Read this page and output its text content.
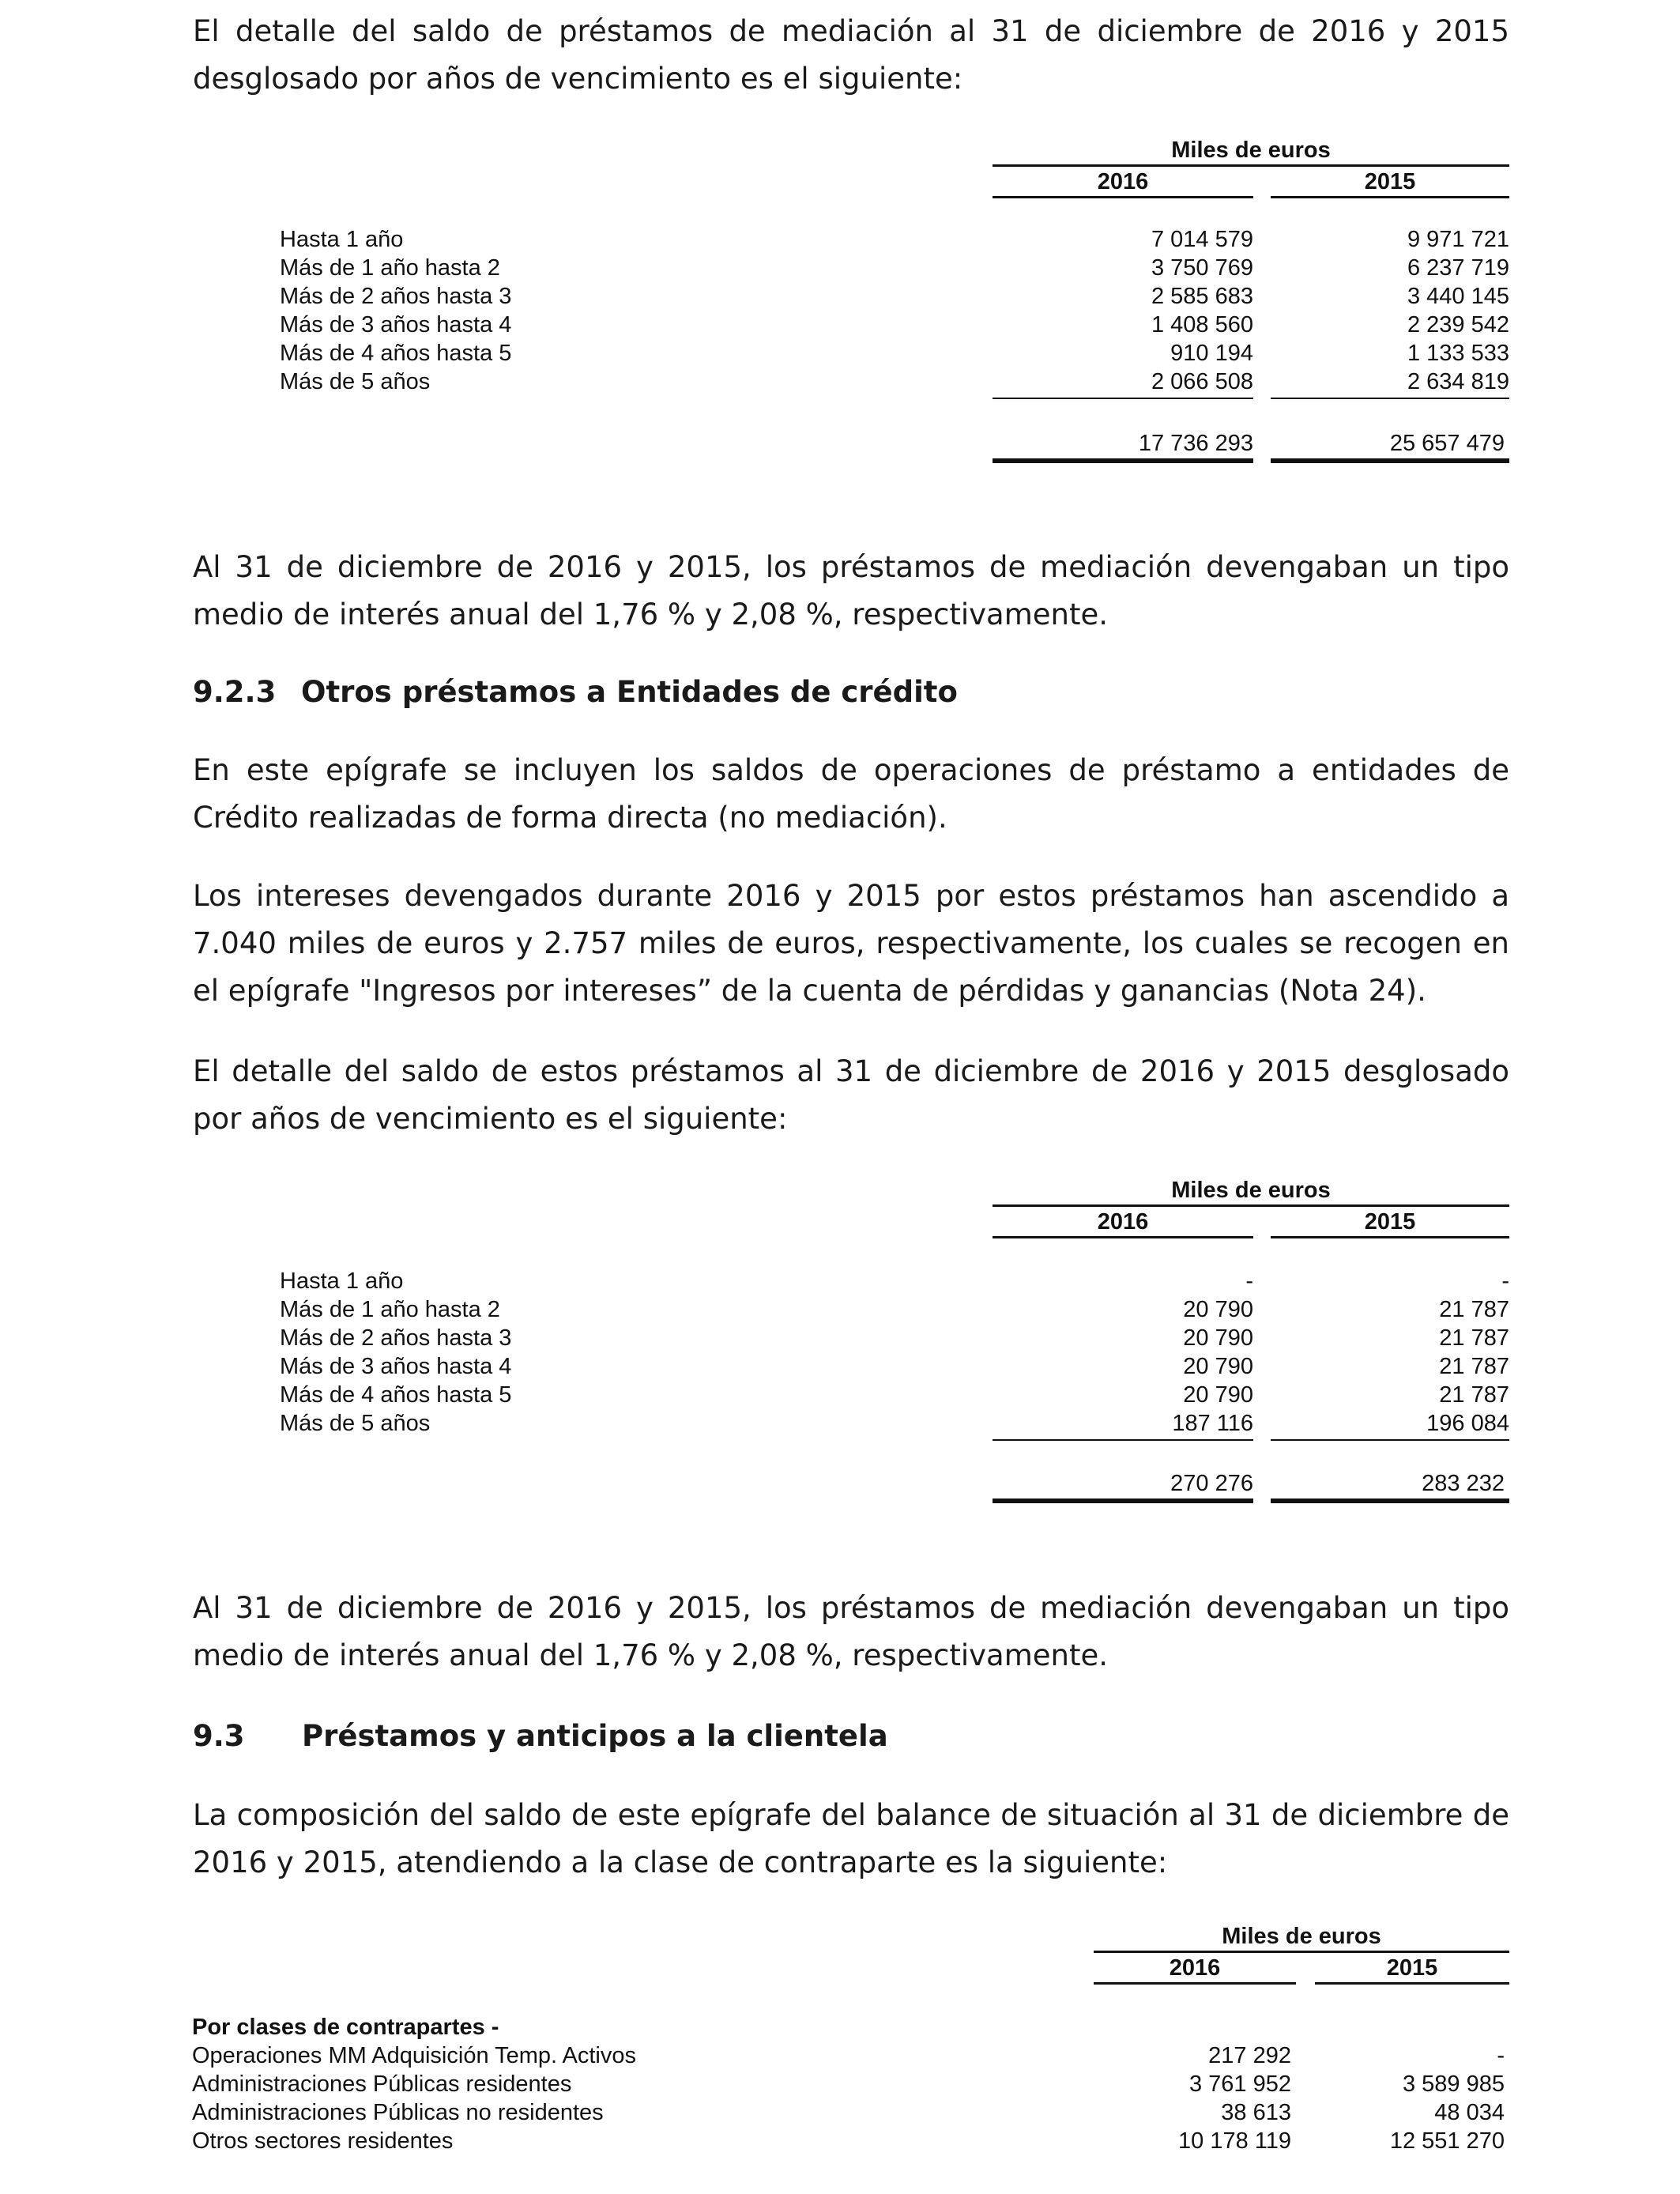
El detalle del saldo de préstamos de mediación al 31 de diciembre de 2016 y 2015 desglosado por años de vencimiento es el siguiente:

Miles de euros
2016	2015
Hasta 1 año	7 014 579	9 971 721
Más de 1 año hasta 2	3 750 769	6 237 719
Más de 2 años hasta 3	2 585 683	3 440 145
Más de 3 años hasta 4	1 408 560	2 239 542
Más de 4 años hasta 5	910 194	1 133 533
Más de 5 años	2 066 508	2 634 819
17 736 293	25 657 479

Al 31 de diciembre de 2016 y 2015, los préstamos de mediación devengaban un tipo medio de interés anual del 1,76 % y 2,08 %, respectivamente.

9.2.3 Otros préstamos a Entidades de crédito

En este epígrafe se incluyen los saldos de operaciones de préstamo a entidades de Crédito realizadas de forma directa (no mediación).

Los intereses devengados durante 2016 y 2015 por estos préstamos han ascendido a 7.040 miles de euros y 2.757 miles de euros, respectivamente, los cuales se recogen en el epígrafe "Ingresos por intereses” de la cuenta de pérdidas y ganancias (Nota 24).

El detalle del saldo de estos préstamos al 31 de diciembre de 2016 y 2015 desglosado por años de vencimiento es el siguiente:

Miles de euros
2016	2015
Hasta 1 año	-	-
Más de 1 año hasta 2	20 790	21 787
Más de 2 años hasta 3	20 790	21 787
Más de 3 años hasta 4	20 790	21 787
Más de 4 años hasta 5	20 790	21 787
Más de 5 años	187 116	196 084
270 276	283 232

Al 31 de diciembre de 2016 y 2015, los préstamos de mediación devengaban un tipo medio de interés anual del 1,76 % y 2,08 %, respectivamente.

9.3 Préstamos y anticipos a la clientela

La composición del saldo de este epígrafe del balance de situación al 31 de diciembre de 2016 y 2015, atendiendo a la clase de contraparte es la siguiente:

Miles de euros
2016	2015
Por clases de contrapartes -
Operaciones MM Adquisición Temp. Activos	217 292	-
Administraciones Públicas residentes	3 761 952	3 589 985
Administraciones Públicas no residentes	38 613	48 034
Otros sectores residentes	10 178 119	12 551 270
